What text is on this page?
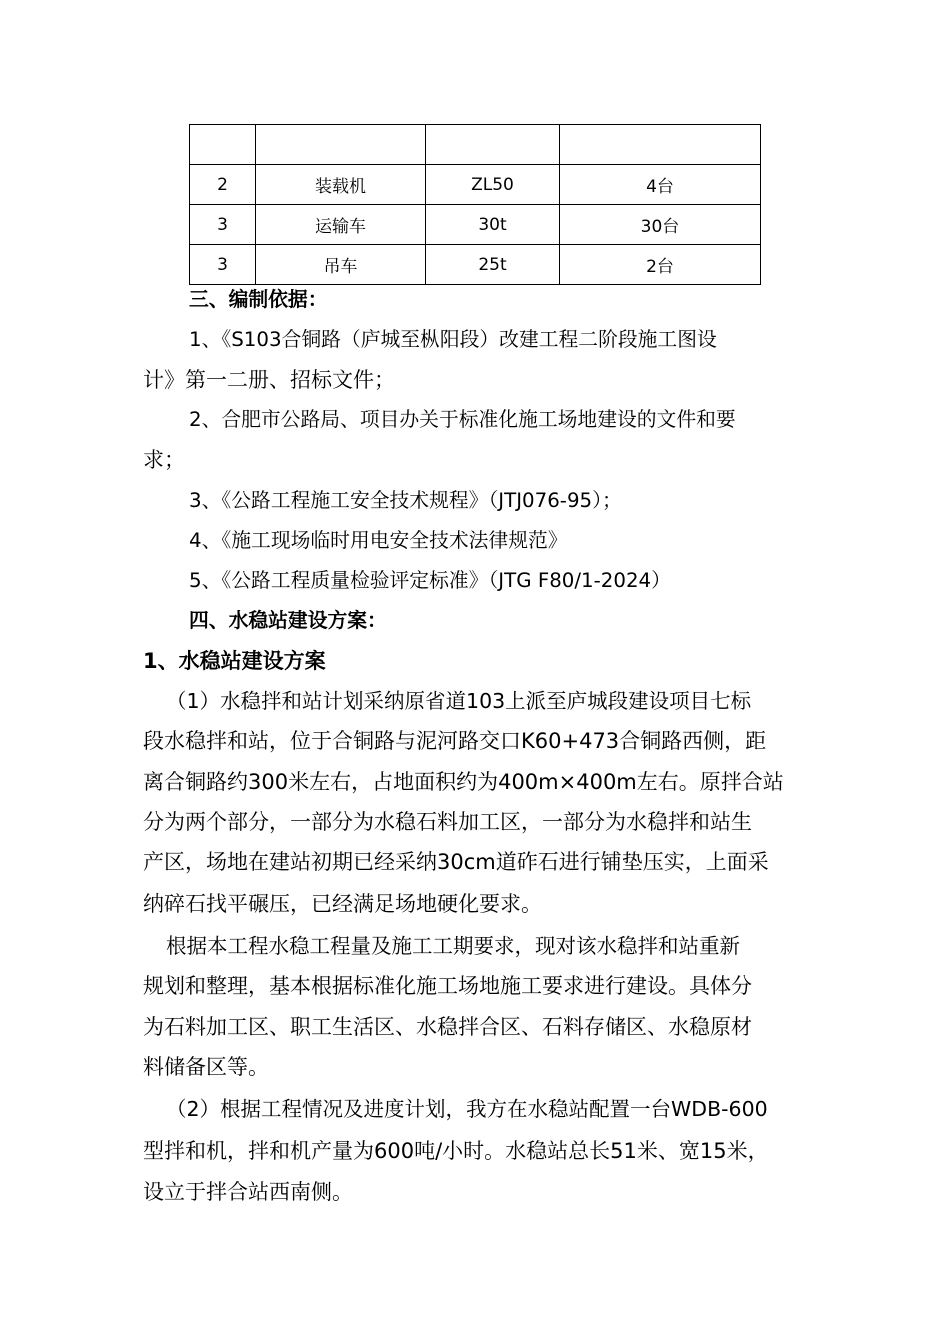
2	装载机	ZL50	4台
3	运输车	30t	30台
3	吊车	25t	2台
三、编制依据：
1、《S103合铜路（庐城至枞阳段）改建工程二阶段施工图设
计》第一二册、招标文件；
2、合肥市公路局、项目办关于标准化施工场地建设的文件和要
求；
3、《公路工程施工安全技术规程》（JTJ076-95）；
4、《施工现场临时用电安全技术法律规范》
5、《公路工程质量检验评定标准》（JTG F80/1-2024）
四、水稳站建设方案：
1、水稳站建设方案
（1）水稳拌和站计划采纳原省道103上派至庐城段建设项目七标
段水稳拌和站，位于合铜路与泥河路交口K60+473合铜路西侧，距
离合铜路约300米左右，占地面积约为400m×400m左右。原拌合站
分为两个部分，一部分为水稳石料加工区，一部分为水稳拌和站生
产区，场地在建站初期已经采纳30cm道砟石进行铺垫压实，上面采
纳碎石找平碾压，已经满足场地硬化要求。
根据本工程水稳工程量及施工工期要求，现对该水稳拌和站重新
规划和整理，基本根据标准化施工场地施工要求进行建设。具体分
为石料加工区、职工生活区、水稳拌合区、石料存储区、水稳原材
料储备区等。
（2）根据工程情况及进度计划，我方在水稳站配置一台WDB-600
型拌和机，拌和机产量为600吨/小时。水稳站总长51米、宽15米，
设立于拌合站西南侧。
